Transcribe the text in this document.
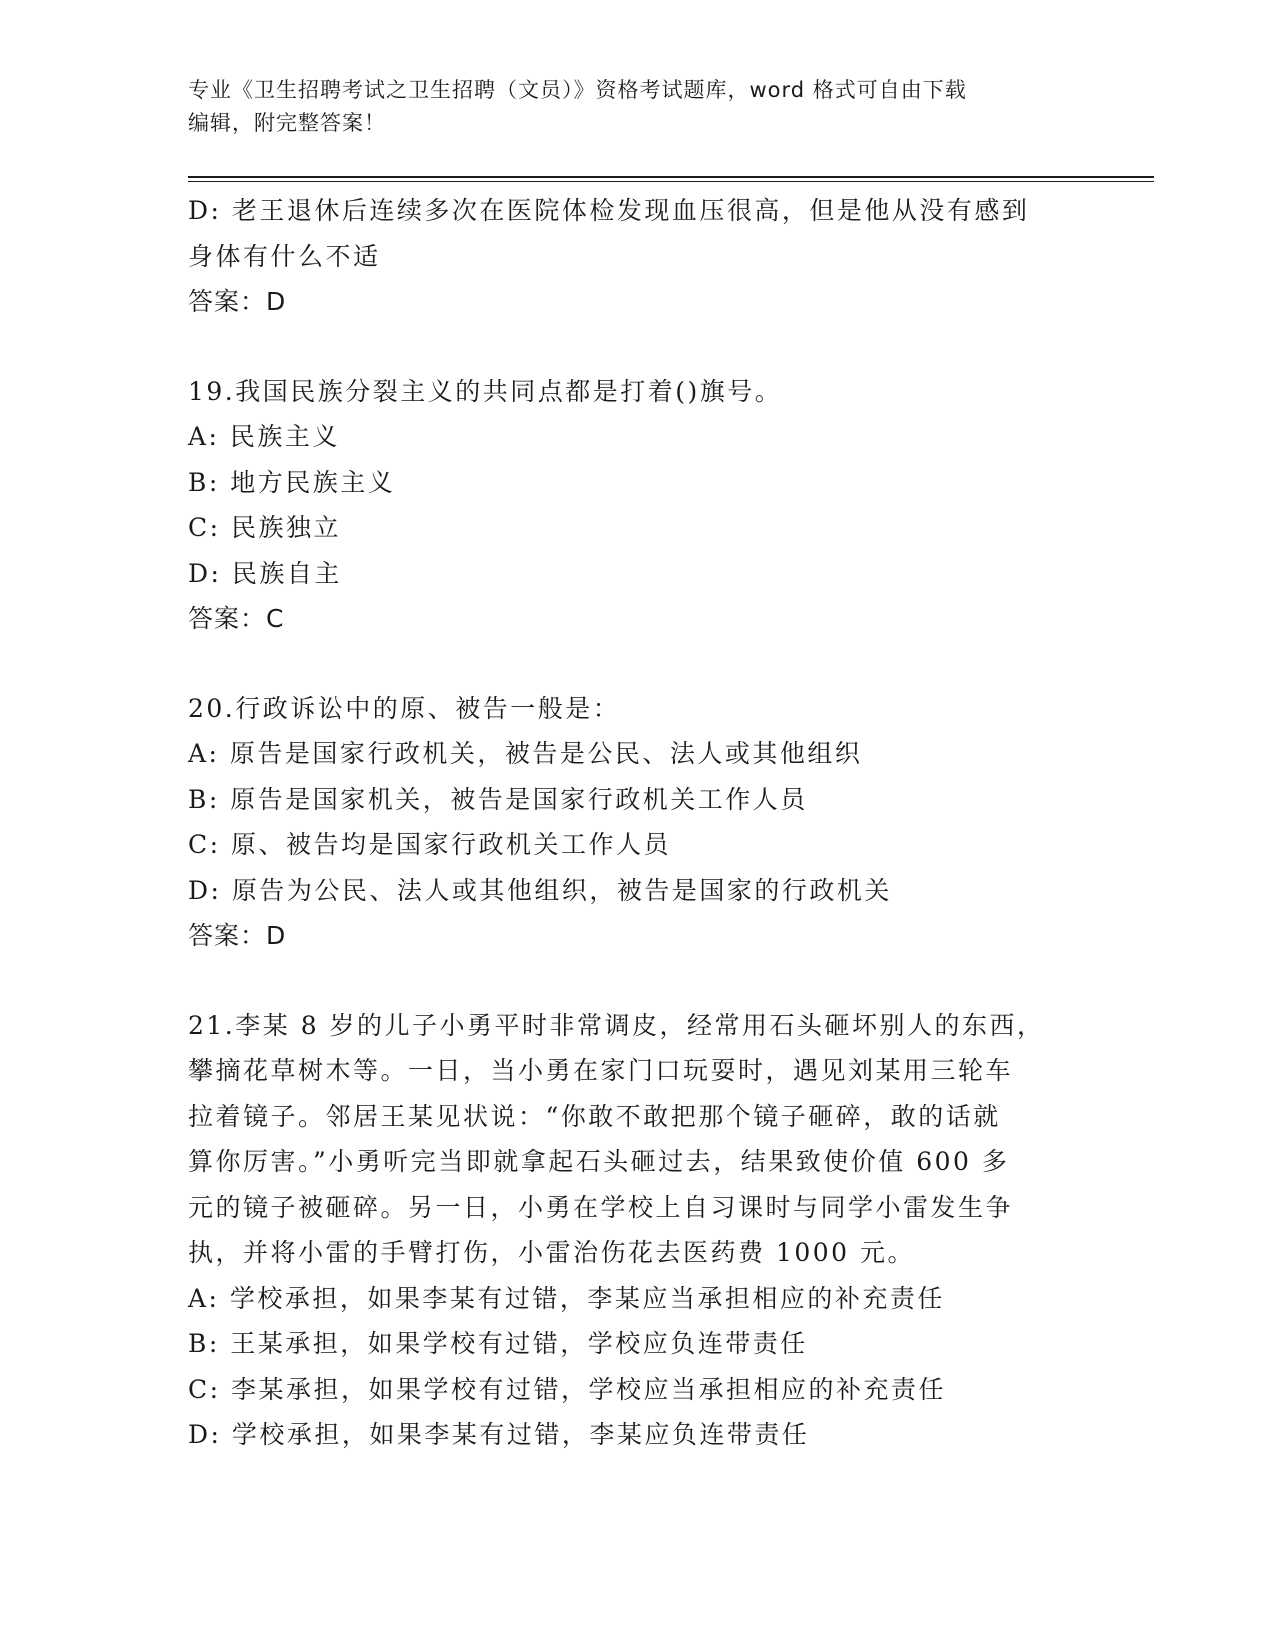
专业《卫生招聘考试之卫生招聘（文员）》资格考试题库，word 格式可自由下载
编辑，附完整答案！
D: 老王退休后连续多次在医院体检发现血压很高，但是他从没有感到
身体有什么不适
答案：D
19.我国民族分裂主义的共同点都是打着()旗号。
A: 民族主义
B: 地方民族主义
C: 民族独立
D: 民族自主
答案：C
20.行政诉讼中的原、被告一般是：
A: 原告是国家行政机关，被告是公民、法人或其他组织
B: 原告是国家机关，被告是国家行政机关工作人员
C: 原、被告均是国家行政机关工作人员
D: 原告为公民、法人或其他组织，被告是国家的行政机关
答案：D
21.李某 8 岁的儿子小勇平时非常调皮，经常用石头砸坏别人的东西，
攀摘花草树木等。一日，当小勇在家门口玩耍时，遇见刘某用三轮车
拉着镜子。邻居王某见状说：“你敢不敢把那个镜子砸碎，敢的话就
算你厉害。”小勇听完当即就拿起石头砸过去，结果致使价值 600 多
元的镜子被砸碎。另一日，小勇在学校上自习课时与同学小雷发生争
执，并将小雷的手臂打伤，小雷治伤花去医药费 1000 元。
A: 学校承担，如果李某有过错，李某应当承担相应的补充责任
B: 王某承担，如果学校有过错，学校应负连带责任
C: 李某承担，如果学校有过错，学校应当承担相应的补充责任
D: 学校承担，如果李某有过错，李某应负连带责任
